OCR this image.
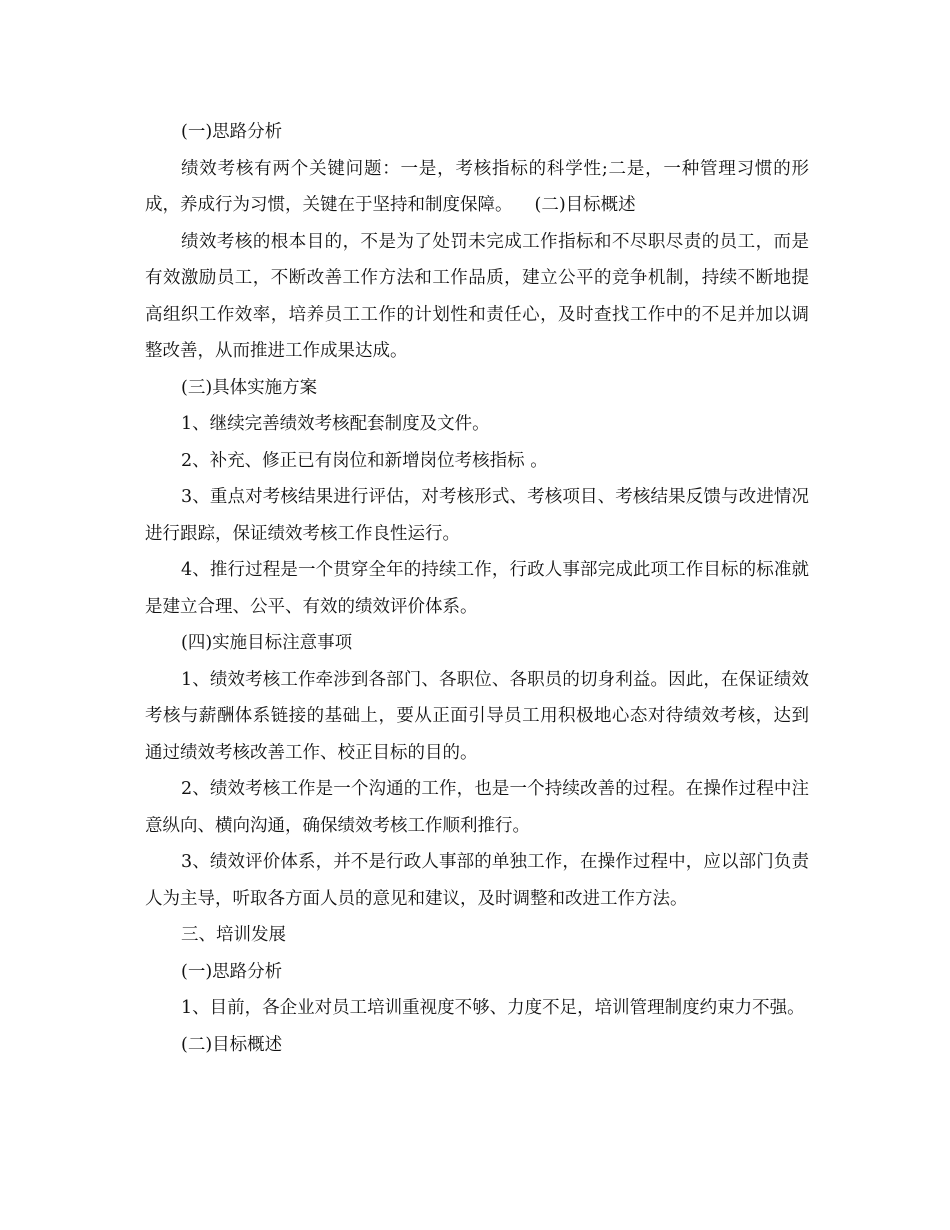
(一)思路分析

绩效考核有两个关键问题：一是，考核指标的科学性;二是，一种管理习惯的形成，养成行为习惯，关键在于坚持和制度保障。 (二)目标概述

绩效考核的根本目的，不是为了处罚未完成工作指标和不尽职尽责的员工，而是有效激励员工，不断改善工作方法和工作品质，建立公平的竞争机制，持续不断地提高组织工作效率，培养员工工作的计划性和责任心，及时查找工作中的不足并加以调整改善，从而推进工作成果达成。

(三)具体实施方案

1、继续完善绩效考核配套制度及文件。

2、补充、修正已有岗位和新增岗位考核指标 。

3、重点对考核结果进行评估，对考核形式、考核项目、考核结果反馈与改进情况进行跟踪，保证绩效考核工作良性运行。

4、推行过程是一个贯穿全年的持续工作，行政人事部完成此项工作目标的标准就是建立合理、公平、有效的绩效评价体系。

(四)实施目标注意事项

1、绩效考核工作牵涉到各部门、各职位、各职员的切身利益。因此，在保证绩效考核与薪酬体系链接的基础上，要从正面引导员工用积极地心态对待绩效考核，达到通过绩效考核改善工作、校正目标的目的。

2、绩效考核工作是一个沟通的工作，也是一个持续改善的过程。在操作过程中注意纵向、横向沟通，确保绩效考核工作顺利推行。

3、绩效评价体系，并不是行政人事部的单独工作，在操作过程中，应以部门负责人为主导，听取各方面人员的意见和建议，及时调整和改进工作方法。

三、培训发展

(一)思路分析

1、目前，各企业对员工培训重视度不够、力度不足，培训管理制度约束力不强。

(二)目标概述
